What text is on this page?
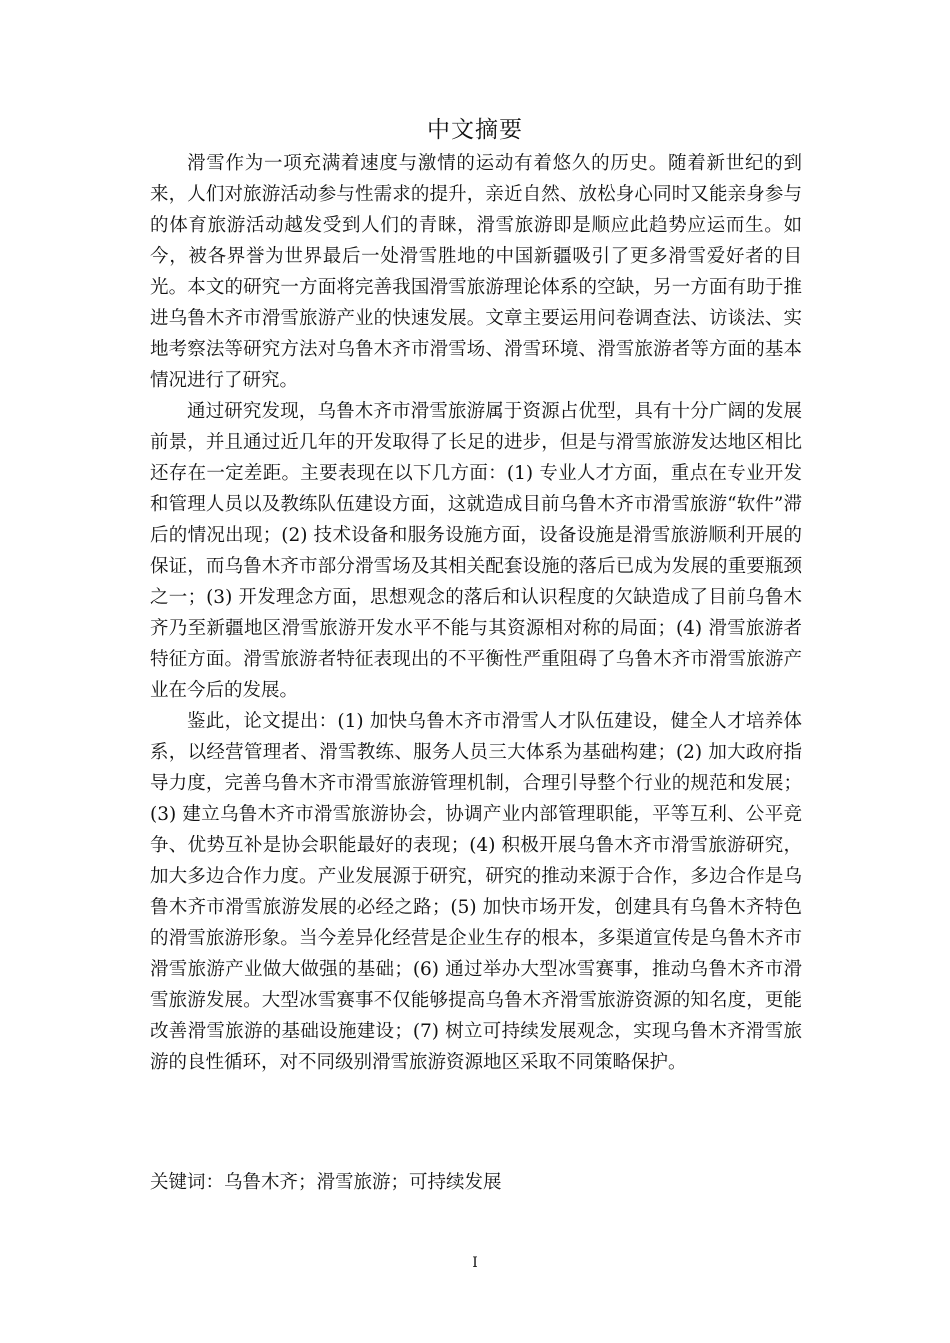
中文摘要

滑雪作为一项充满着速度与激情的运动有着悠久的历史。随着新世纪的到来，人们对旅游活动参与性需求的提升，亲近自然、放松身心同时又能亲身参与的体育旅游活动越发受到人们的青睐，滑雪旅游即是顺应此趋势应运而生。如今，被各界誉为世界最后一处滑雪胜地的中国新疆吸引了更多滑雪爱好者的目光。本文的研究一方面将完善我国滑雪旅游理论体系的空缺，另一方面有助于推进乌鲁木齐市滑雪旅游产业的快速发展。文章主要运用问卷调查法、访谈法、实地考察法等研究方法对乌鲁木齐市滑雪场、滑雪环境、滑雪旅游者等方面的基本情况进行了研究。

通过研究发现，乌鲁木齐市滑雪旅游属于资源占优型，具有十分广阔的发展前景，并且通过近几年的开发取得了长足的进步，但是与滑雪旅游发达地区相比还存在一定差距。主要表现在以下几方面：(1) 专业人才方面，重点在专业开发和管理人员以及教练队伍建设方面，这就造成目前乌鲁木齐市滑雪旅游“软件”滞后的情况出现；(2) 技术设备和服务设施方面，设备设施是滑雪旅游顺利开展的保证，而乌鲁木齐市部分滑雪场及其相关配套设施的落后已成为发展的重要瓶颈之一；(3) 开发理念方面，思想观念的落后和认识程度的欠缺造成了目前乌鲁木齐乃至新疆地区滑雪旅游开发水平不能与其资源相对称的局面；(4) 滑雪旅游者特征方面。滑雪旅游者特征表现出的不平衡性严重阻碍了乌鲁木齐市滑雪旅游产业在今后的发展。

鉴此，论文提出：(1) 加快乌鲁木齐市滑雪人才队伍建设，健全人才培养体系，以经营管理者、滑雪教练、服务人员三大体系为基础构建；(2) 加大政府指导力度，完善乌鲁木齐市滑雪旅游管理机制，合理引导整个行业的规范和发展；(3) 建立乌鲁木齐市滑雪旅游协会，协调产业内部管理职能，平等互利、公平竞争、优势互补是协会职能最好的表现；(4) 积极开展乌鲁木齐市滑雪旅游研究，加大多边合作力度。产业发展源于研究，研究的推动来源于合作，多边合作是乌鲁木齐市滑雪旅游发展的必经之路；(5) 加快市场开发，创建具有乌鲁木齐特色的滑雪旅游形象。当今差异化经营是企业生存的根本，多渠道宣传是乌鲁木齐市滑雪旅游产业做大做强的基础；(6) 通过举办大型冰雪赛事，推动乌鲁木齐市滑雪旅游发展。大型冰雪赛事不仅能够提高乌鲁木齐滑雪旅游资源的知名度，更能改善滑雪旅游的基础设施建设；(7) 树立可持续发展观念，实现乌鲁木齐滑雪旅游的良性循环，对不同级别滑雪旅游资源地区采取不同策略保护。

关键词：乌鲁木齐；滑雪旅游；可持续发展
I
